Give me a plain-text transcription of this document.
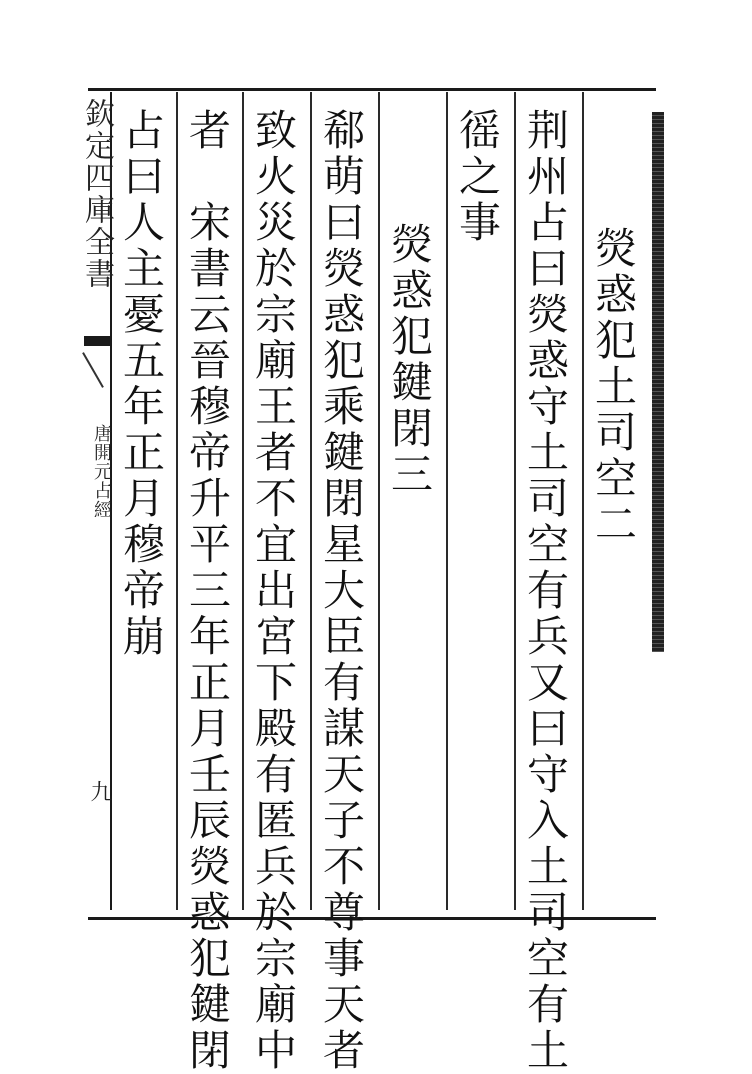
欽定四庫全書
唐開元占經
九
熒惑犯土司空二
荆州占曰熒惑守土司空有兵又曰守入土司空有土
徭之事
熒惑犯鍵閉三
郗萌曰熒惑犯乘鍵閉星大臣有謀天子不尊事天者
致火災於宗廟王者不宜出宮下殿有匿兵於宗廟中
者　宋書云晉穆帝升平三年正月壬辰熒惑犯鍵閉
占曰人主憂五年正月穆帝崩
